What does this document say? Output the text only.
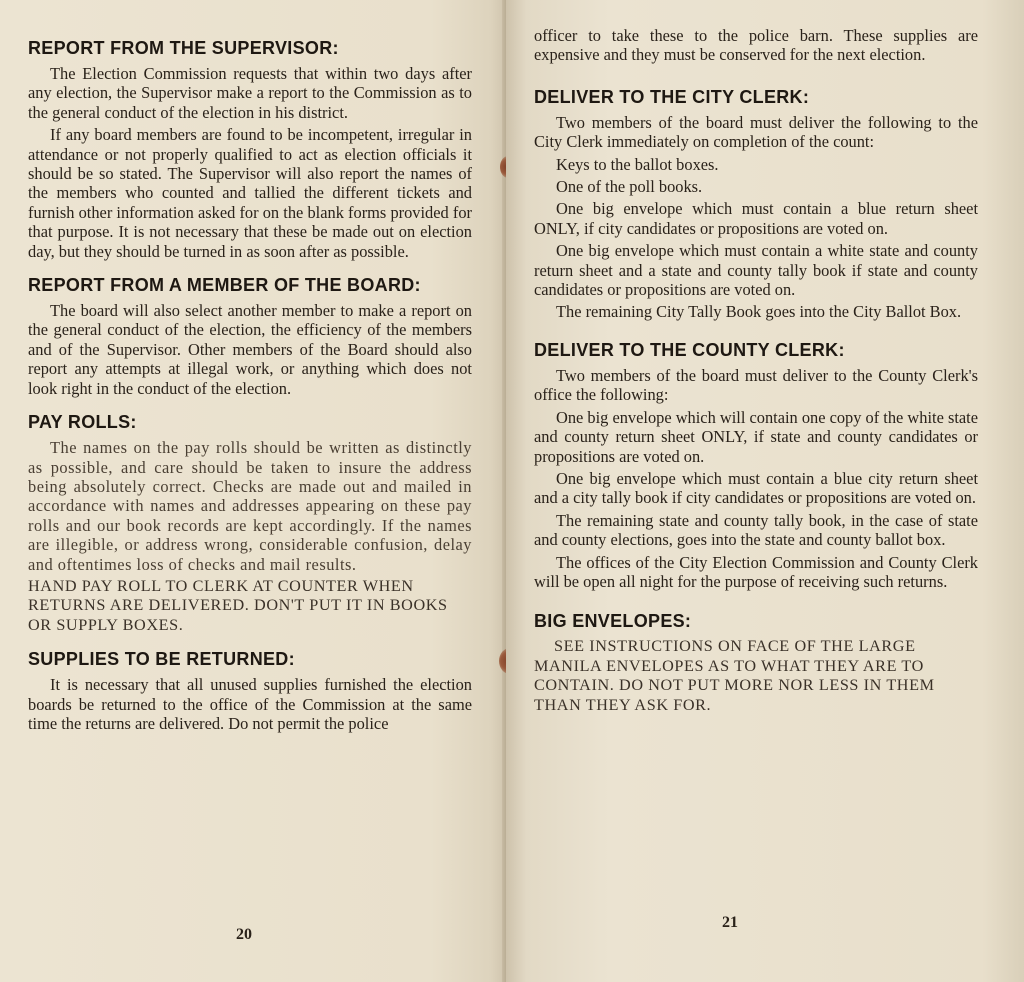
REPORT FROM THE SUPERVISOR:

The Election Commission requests that within two days after any election, the Supervisor make a report to the Commission as to the general conduct of the election in his district.

If any board members are found to be incompetent, irregular in attendance or not properly qualified to act as election officials it should be so stated. The Supervisor will also report the names of the members who counted and tallied the different tickets and furnish other information asked for on the blank forms provided for that purpose. It is not necessary that these be made out on election day, but they should be turned in as soon after as possible.

REPORT FROM A MEMBER OF THE BOARD:

The board will also select another member to make a report on the general conduct of the election, the efficiency of the members and of the Supervisor. Other members of the Board should also report any attempts at illegal work, or anything which does not look right in the conduct of the election.

PAY ROLLS:

The names on the pay rolls should be written as distinctly as possible, and care should be taken to insure the address being absolutely correct. Checks are made out and mailed in accordance with names and addresses appearing on these pay rolls and our book records are kept accordingly. If the names are illegible, or address wrong, considerable confusion, delay and oftentimes loss of checks and mail results.

HAND PAY ROLL TO CLERK AT COUNTER WHEN RETURNS ARE DELIVERED. DON'T PUT IT IN BOOKS OR SUPPLY BOXES.

SUPPLIES TO BE RETURNED:

It is necessary that all unused supplies furnished the election boards be returned to the office of the Commission at the same time the returns are delivered. Do not permit the police

20

officer to take these to the police barn. These supplies are expensive and they must be conserved for the next election.

DELIVER TO THE CITY CLERK:

Two members of the board must deliver the following to the City Clerk immediately on completion of the count:

Keys to the ballot boxes.

One of the poll books.

One big envelope which must contain a blue return sheet ONLY, if city candidates or propositions are voted on.

One big envelope which must contain a white state and county return sheet and a state and county tally book if state and county candidates or propositions are voted on.

The remaining City Tally Book goes into the City Ballot Box.

DELIVER TO THE COUNTY CLERK:

Two members of the board must deliver to the County Clerk's office the following:

One big envelope which will contain one copy of the white state and county return sheet ONLY, if state and county candidates or propositions are voted on.

One big envelope which must contain a blue city return sheet and a city tally book if city candidates or propositions are voted on.

The remaining state and county tally book, in the case of state and county elections, goes into the state and county ballot box.

The offices of the City Election Commission and County Clerk will be open all night for the purpose of receiving such returns.

BIG ENVELOPES:

SEE INSTRUCTIONS ON FACE OF THE LARGE MANILA ENVELOPES AS TO WHAT THEY ARE TO CONTAIN. DO NOT PUT MORE NOR LESS IN THEM THAN THEY ASK FOR.

21
